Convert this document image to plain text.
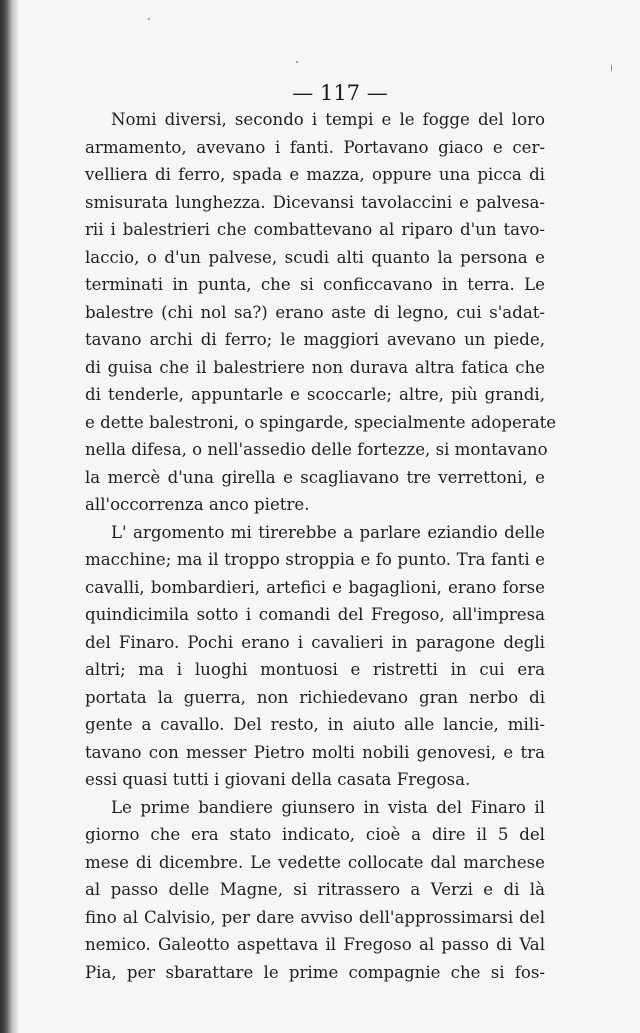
— 117 —
Nomi diversi, secondo i tempi e le fogge del loro
armamento, avevano i fanti. Portavano giaco e cer-
velliera di ferro, spada e mazza, oppure una picca di
smisurata lunghezza. Dicevansi tavolaccini e palvesa-
rii i balestrieri che combattevano al riparo d'un tavo-
laccio, o d'un palvese, scudi alti quanto la persona e
terminati in punta, che si conficcavano in terra. Le
balestre (chi nol sa?) erano aste di legno, cui s'adat-
tavano archi di ferro; le maggiori avevano un piede,
di guisa che il balestriere non durava altra fatica che
di tenderle, appuntarle e scoccarle; altre, più grandi,
e dette balestroni, o spingarde, specialmente adoperate
nella difesa, o nell'assedio delle fortezze, si montavano
la mercè d'una girella e scagliavano tre verrettoni, e
all'occorrenza anco pietre.
L' argomento mi tirerebbe a parlare eziandio delle
macchine; ma il troppo stroppia e fo punto. Tra fanti e
cavalli, bombardieri, artefici e bagaglioni, erano forse
quindicimila sotto i comandi del Fregoso, all'impresa
del Finaro. Pochi erano i cavalieri in paragone degli
altri; ma i luoghi montuosi e ristretti in cui era
portata la guerra, non richiedevano gran nerbo di
gente a cavallo. Del resto, in aiuto alle lancie, mili-
tavano con messer Pietro molti nobili genovesi, e tra
essi quasi tutti i giovani della casata Fregosa.
Le prime bandiere giunsero in vista del Finaro il
giorno che era stato indicato, cioè a dire il 5 del
mese di dicembre. Le vedette collocate dal marchese
al passo delle Magne, si ritrassero a Verzi e di là
fino al Calvisio, per dare avviso dell'approssimarsi del
nemico. Galeotto aspettava il Fregoso al passo di Val
Pia, per sbarattare le prime compagnie che si fos-
